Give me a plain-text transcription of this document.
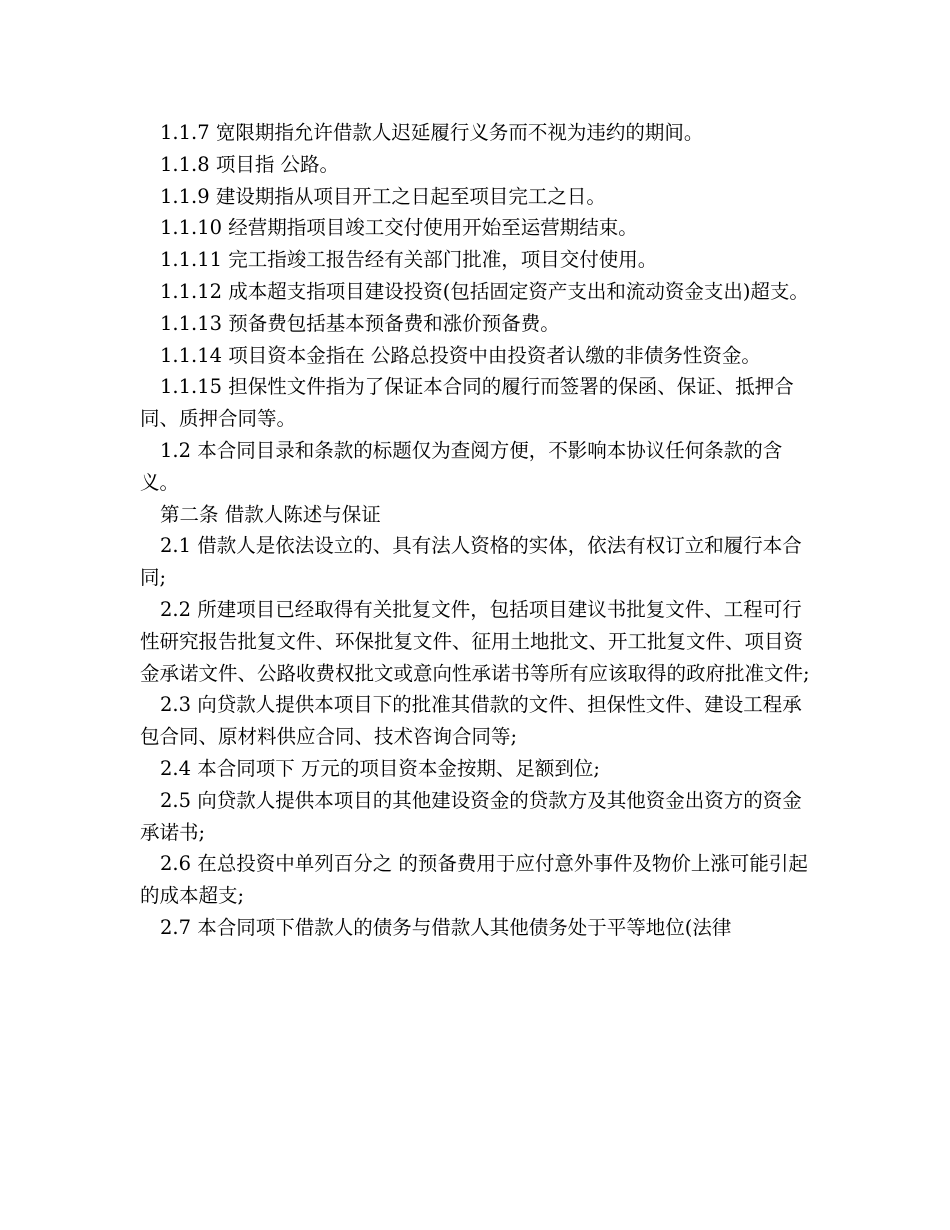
1.1.7 宽限期指允许借款人迟延履行义务而不视为违约的期间。

1.1.8 项目指 公路。

1.1.9 建设期指从项目开工之日起至项目完工之日。

1.1.10 经营期指项目竣工交付使用开始至运营期结束。

1.1.11 完工指竣工报告经有关部门批准，项目交付使用。

1.1.12 成本超支指项目建设投资(包括固定资产支出和流动资金支出)超支。

1.1.13 预备费包括基本预备费和涨价预备费。

1.1.14 项目资本金指在 公路总投资中由投资者认缴的非债务性资金。

1.1.15 担保性文件指为了保证本合同的履行而签署的保函、保证、抵押合同、质押合同等。

1.2 本合同目录和条款的标题仅为查阅方便，不影响本协议任何条款的含义。

第二条 借款人陈述与保证

2.1 借款人是依法设立的、具有法人资格的实体，依法有权订立和履行本合同;

2.2 所建项目已经取得有关批复文件，包括项目建议书批复文件、工程可行性研究报告批复文件、环保批复文件、征用土地批文、开工批复文件、项目资金承诺文件、公路收费权批文或意向性承诺书等所有应该取得的政府批准文件;

2.3 向贷款人提供本项目下的批准其借款的文件、担保性文件、建设工程承包合同、原材料供应合同、技术咨询合同等;

2.4 本合同项下 万元的项目资本金按期、足额到位;

2.5 向贷款人提供本项目的其他建设资金的贷款方及其他资金出资方的资金承诺书;

2.6 在总投资中单列百分之 的预备费用于应付意外事件及物价上涨可能引起的成本超支;

2.7 本合同项下借款人的债务与借款人其他债务处于平等地位(法律
